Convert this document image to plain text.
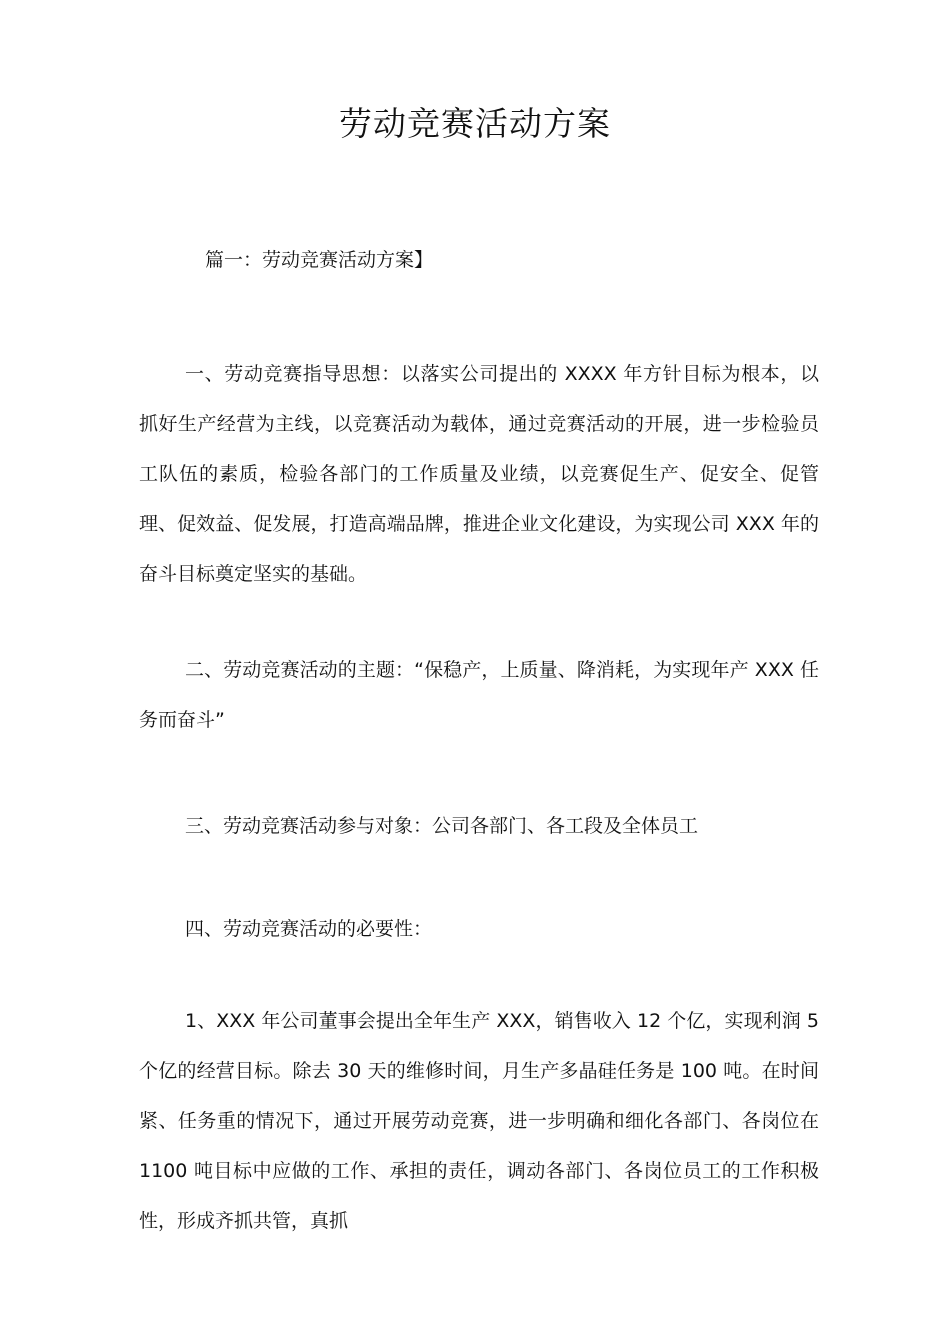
劳动竞赛活动方案
篇一：劳动竞赛活动方案】

一、劳动竞赛指导思想：以落实公司提出的 XXXX 年方针目标为根本，以抓好生产经营为主线，以竞赛活动为载体，通过竞赛活动的开展，进一步检验员工队伍的素质，检验各部门的工作质量及业绩，以竞赛促生产、促安全、促管理、促效益、促发展，打造高端品牌，推进企业文化建设，为实现公司 XXX 年的奋斗目标奠定坚实的基础。

二、劳动竞赛活动的主题：“保稳产，上质量、降消耗，为实现年产 XXX 任务而奋斗”

三、劳动竞赛活动参与对象：公司各部门、各工段及全体员工

四、劳动竞赛活动的必要性：

1、XXX 年公司董事会提出全年生产 XXX，销售收入 12 个亿，实现利润 5 个亿的经营目标。除去 30 天的维修时间，月生产多晶硅任务是 100 吨。在时间紧、任务重的情况下，通过开展劳动竞赛，进一步明确和细化各部门、各岗位在 1100 吨目标中应做的工作、承担的责任，调动各部门、各岗位员工的工作积极性，形成齐抓共管，真抓
